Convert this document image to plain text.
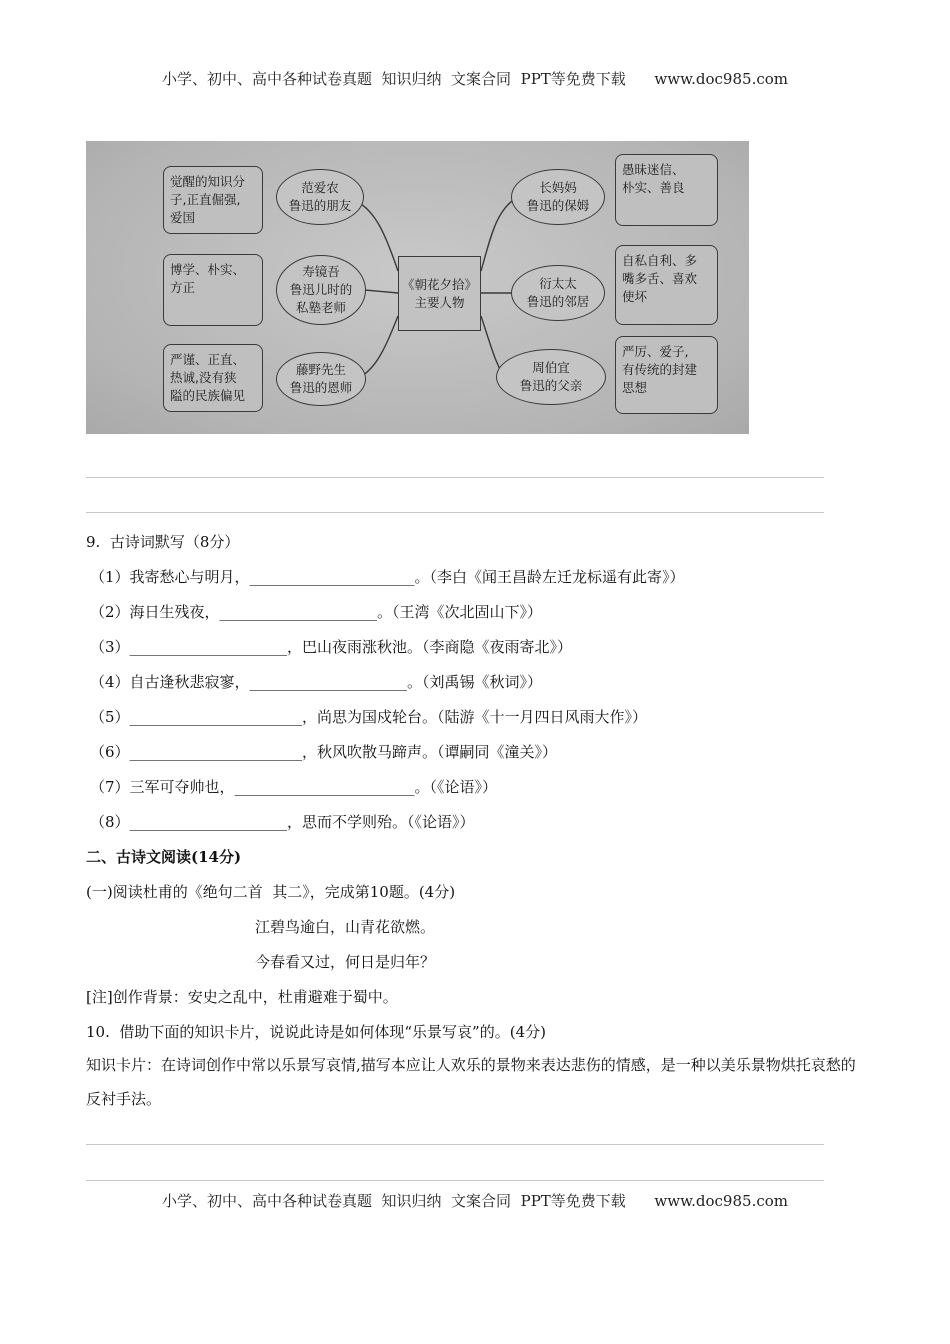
小学、初中、高中各种试卷真题  知识归纳  文案合同  PPT等免费下载      www.doc985.com
《朝花夕拾》
主要人物
觉醒的知识分
子,正直倔强,
爱国
范爱农
鲁迅的朋友
博学、朴实、
方正
寿镜吾
鲁迅儿时的
私塾老师
严谨、正直、
热诚,没有狭
隘的民族偏见
藤野先生
鲁迅的恩师
长妈妈
鲁迅的保姆
愚昧迷信、
朴实、善良
衍太太
鲁迅的邻居
自私自利、多
嘴多舌、喜欢
使坏
周伯宜
鲁迅的父亲
严厉、爱子,
有传统的封建
思想
9.  古诗词默写（8分）
（1）我寄愁心与明月，______________________。（李白《闻王昌龄左迁龙标遥有此寄》）
（2）海日生残夜，_____________________。（王湾《次北固山下》）
（3）_____________________，巴山夜雨涨秋池。（李商隐《夜雨寄北》）
（4）自古逢秋悲寂寥，_____________________。（刘禹锡《秋词》）
（5）_______________________，尚思为国戍轮台。（陆游《十一月四日风雨大作》）
（6）_______________________，秋风吹散马蹄声。（谭嗣同《潼关》）
（7）三军可夺帅也，________________________。（《论语》）
（8）_____________________，思而不学则殆。（《论语》）
二、古诗文阅读(14分)
(一)阅读杜甫的《绝句二首  其二》，完成第10题。(4分)
江碧鸟逾白，山青花欲燃。
今春看又过，何日是归年？
[注]创作背景：安史之乱中，杜甫避难于蜀中。
10.  借助下面的知识卡片，说说此诗是如何体现“乐景写哀”的。(4分)
知识卡片：在诗词创作中常以乐景写哀情,描写本应让人欢乐的景物来表达悲伤的情感，是一种以美乐景物烘托哀愁的反衬手法。
小学、初中、高中各种试卷真题  知识归纳  文案合同  PPT等免费下载      www.doc985.com
